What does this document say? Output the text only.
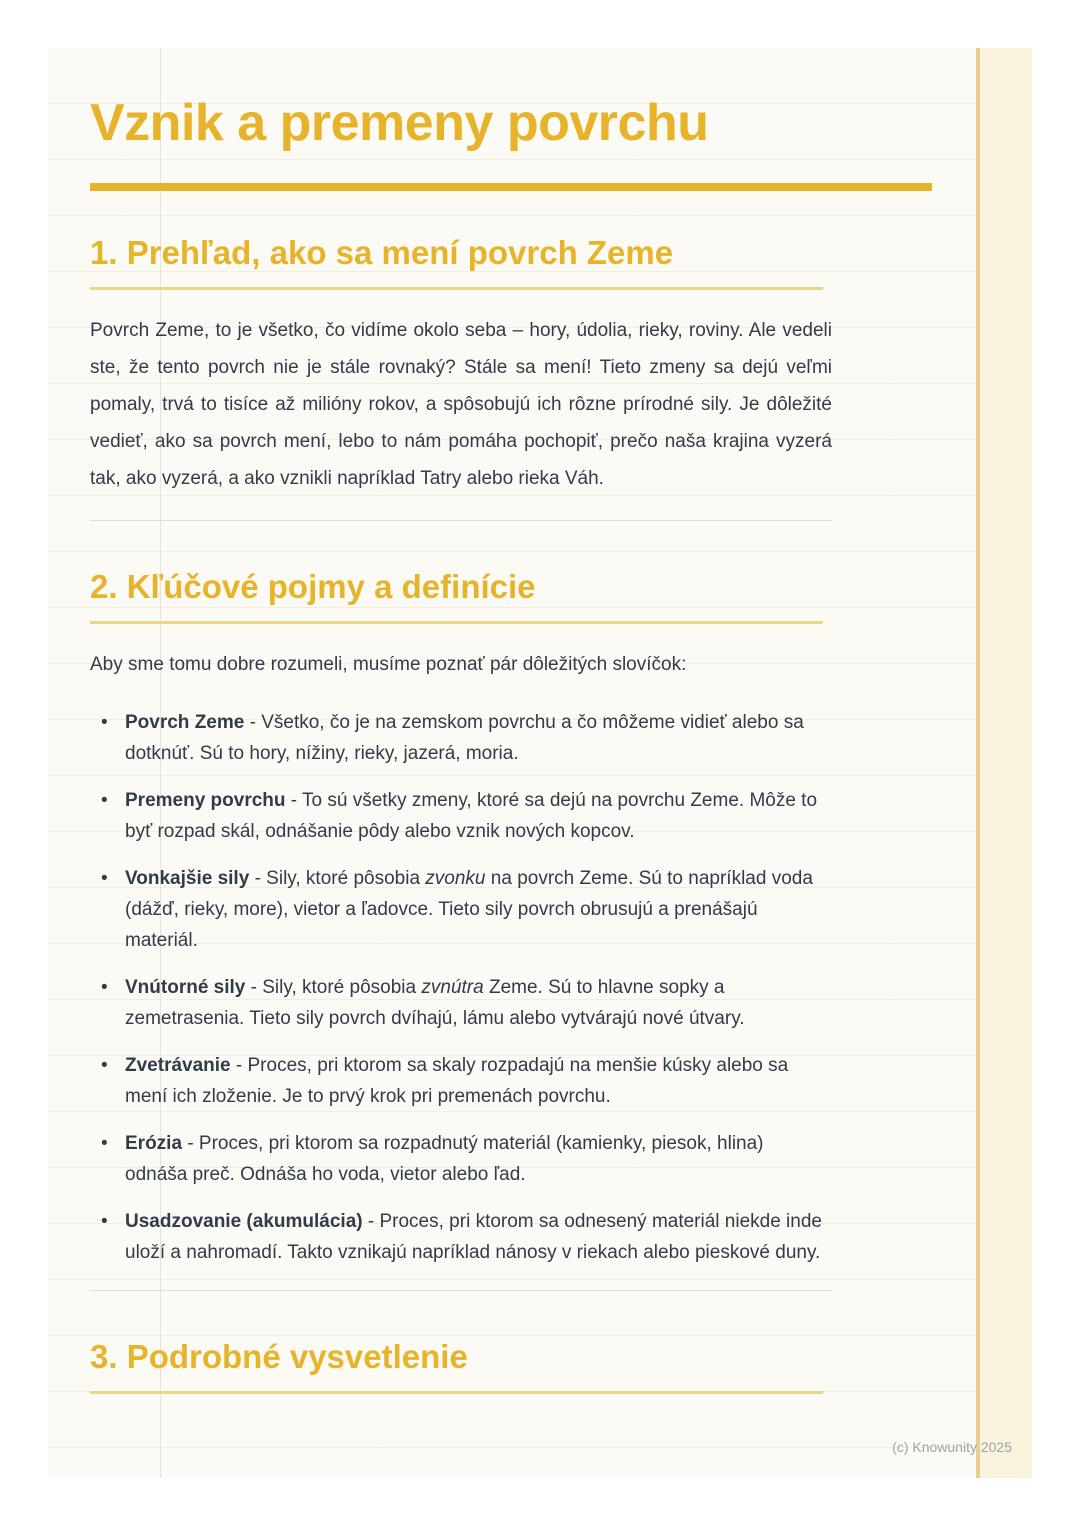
Vznik a premeny povrchu
1. Prehľad, ako sa mení povrch Zeme

Povrch Zeme, to je všetko, čo vidíme okolo seba – hory, údolia, rieky, roviny. Ale vedeli ste, že tento povrch nie je stále rovnaký? Stále sa mení! Tieto zmeny sa dejú veľmi pomaly, trvá to tisíce až milióny rokov, a spôsobujú ich rôzne prírodné sily. Je dôležité vedieť, ako sa povrch mení, lebo to nám pomáha pochopiť, prečo naša krajina vyzerá tak, ako vyzerá, a ako vznikli napríklad Tatry alebo rieka Váh.

2. Kľúčové pojmy a definície

Aby sme tomu dobre rozumeli, musíme poznať pár dôležitých slovíčok:

• Povrch Zeme - Všetko, čo je na zemskom povrchu a čo môžeme vidieť alebo sa dotknúť. Sú to hory, nížiny, rieky, jazerá, moria.
• Premeny povrchu - To sú všetky zmeny, ktoré sa dejú na povrchu Zeme. Môže to byť rozpad skál, odnášanie pôdy alebo vznik nových kopcov.
• Vonkajšie sily - Sily, ktoré pôsobia zvonku na povrch Zeme. Sú to napríklad voda (dážď, rieky, more), vietor a ľadovce. Tieto sily povrch obrusujú a prenášajú materiál.
• Vnútorné sily - Sily, ktoré pôsobia zvnútra Zeme. Sú to hlavne sopky a zemetrasenia. Tieto sily povrch dvíhajú, lámu alebo vytvárajú nové útvary.
• Zvetrávanie - Proces, pri ktorom sa skaly rozpadajú na menšie kúsky alebo sa mení ich zloženie. Je to prvý krok pri premenách povrchu.
• Erózia - Proces, pri ktorom sa rozpadnutý materiál (kamienky, piesok, hlina) odnáša preč. Odnáša ho voda, vietor alebo ľad.
• Usadzovanie (akumulácia) - Proces, pri ktorom sa odnesený materiál niekde inde uloží a nahromadí. Takto vznikajú napríklad nánosy v riekach alebo pieskové duny.
3. Podrobné vysvetlenie
(c) Knowunity 2025
